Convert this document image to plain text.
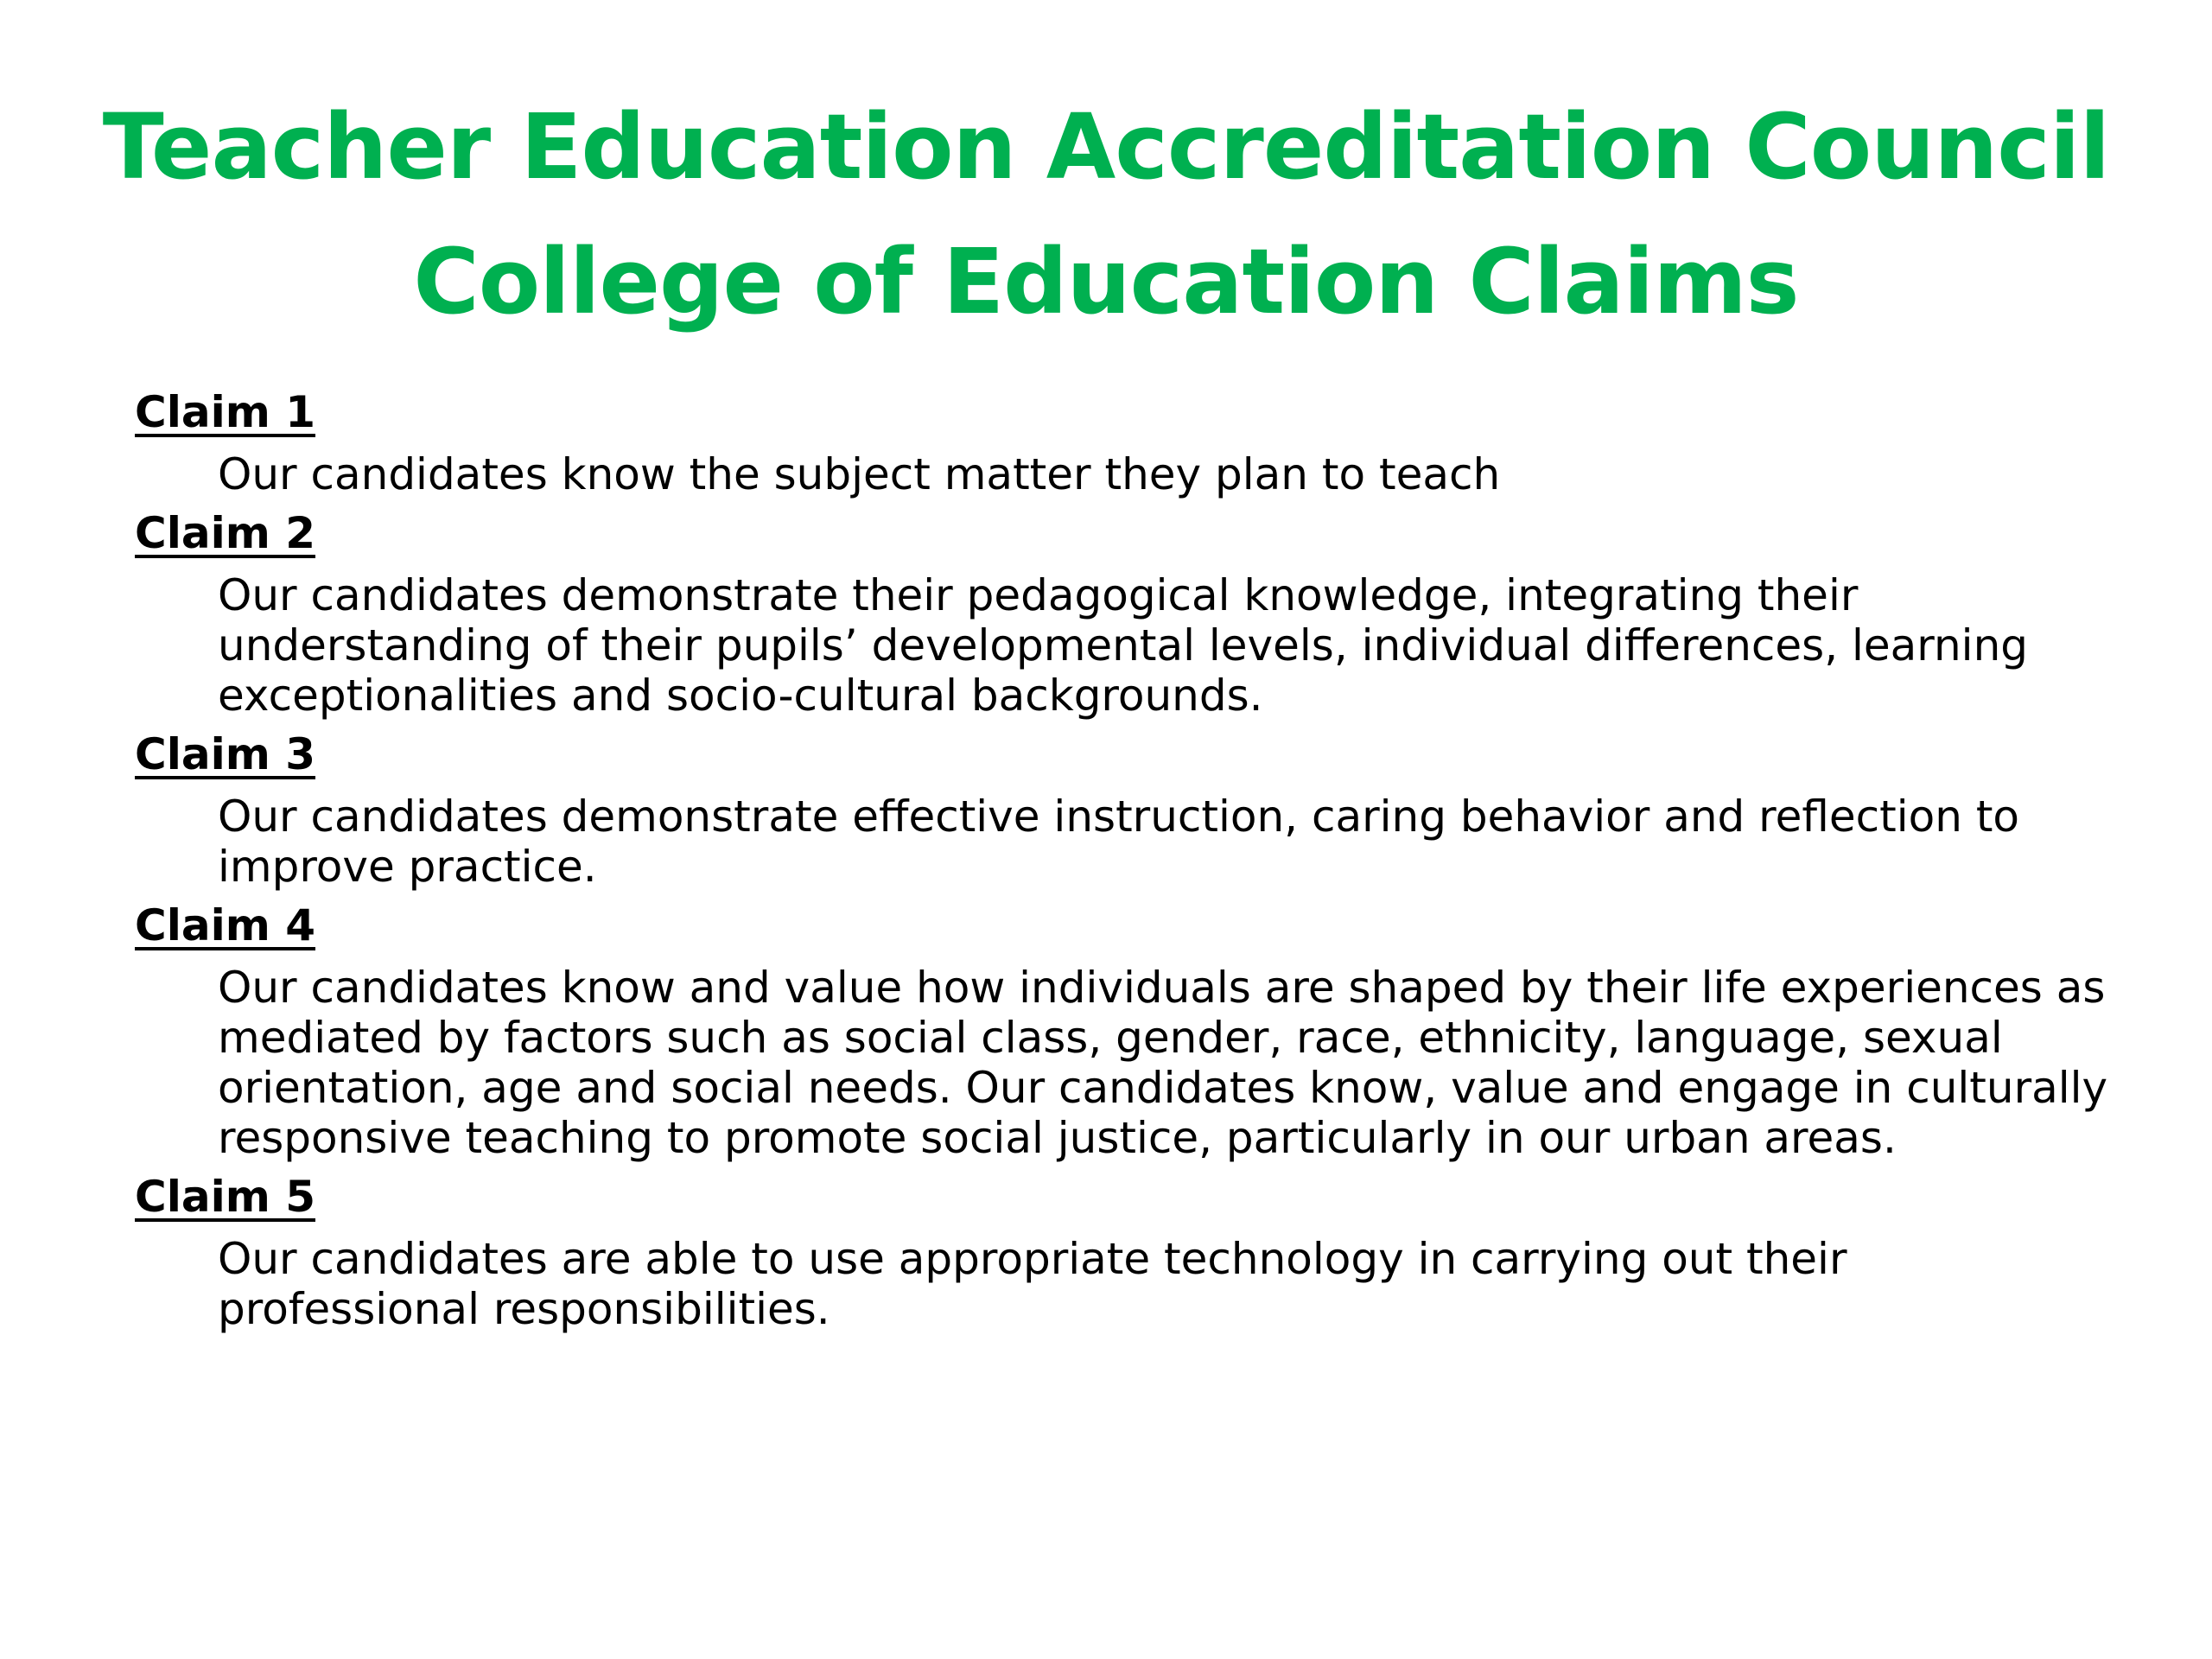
Teacher Education Accreditation Council
College of Education Claims
Claim 1
Our candidates know the subject matter they plan to teach
Claim 2
Our candidates demonstrate their pedagogical knowledge, integrating their understanding of their pupils’ developmental levels, individual differences, learning exceptionalities and socio-cultural backgrounds.
Claim 3
Our candidates demonstrate effective instruction, caring behavior and reflection to improve practice.
Claim 4
Our candidates know and value how individuals are shaped by their life experiences as mediated by factors such as social class, gender, race, ethnicity, language, sexual orientation, age and social needs. Our candidates know, value and engage in culturally responsive teaching to promote social justice, particularly in our urban areas.
Claim 5
Our candidates are able to use appropriate technology in carrying out their professional responsibilities.
